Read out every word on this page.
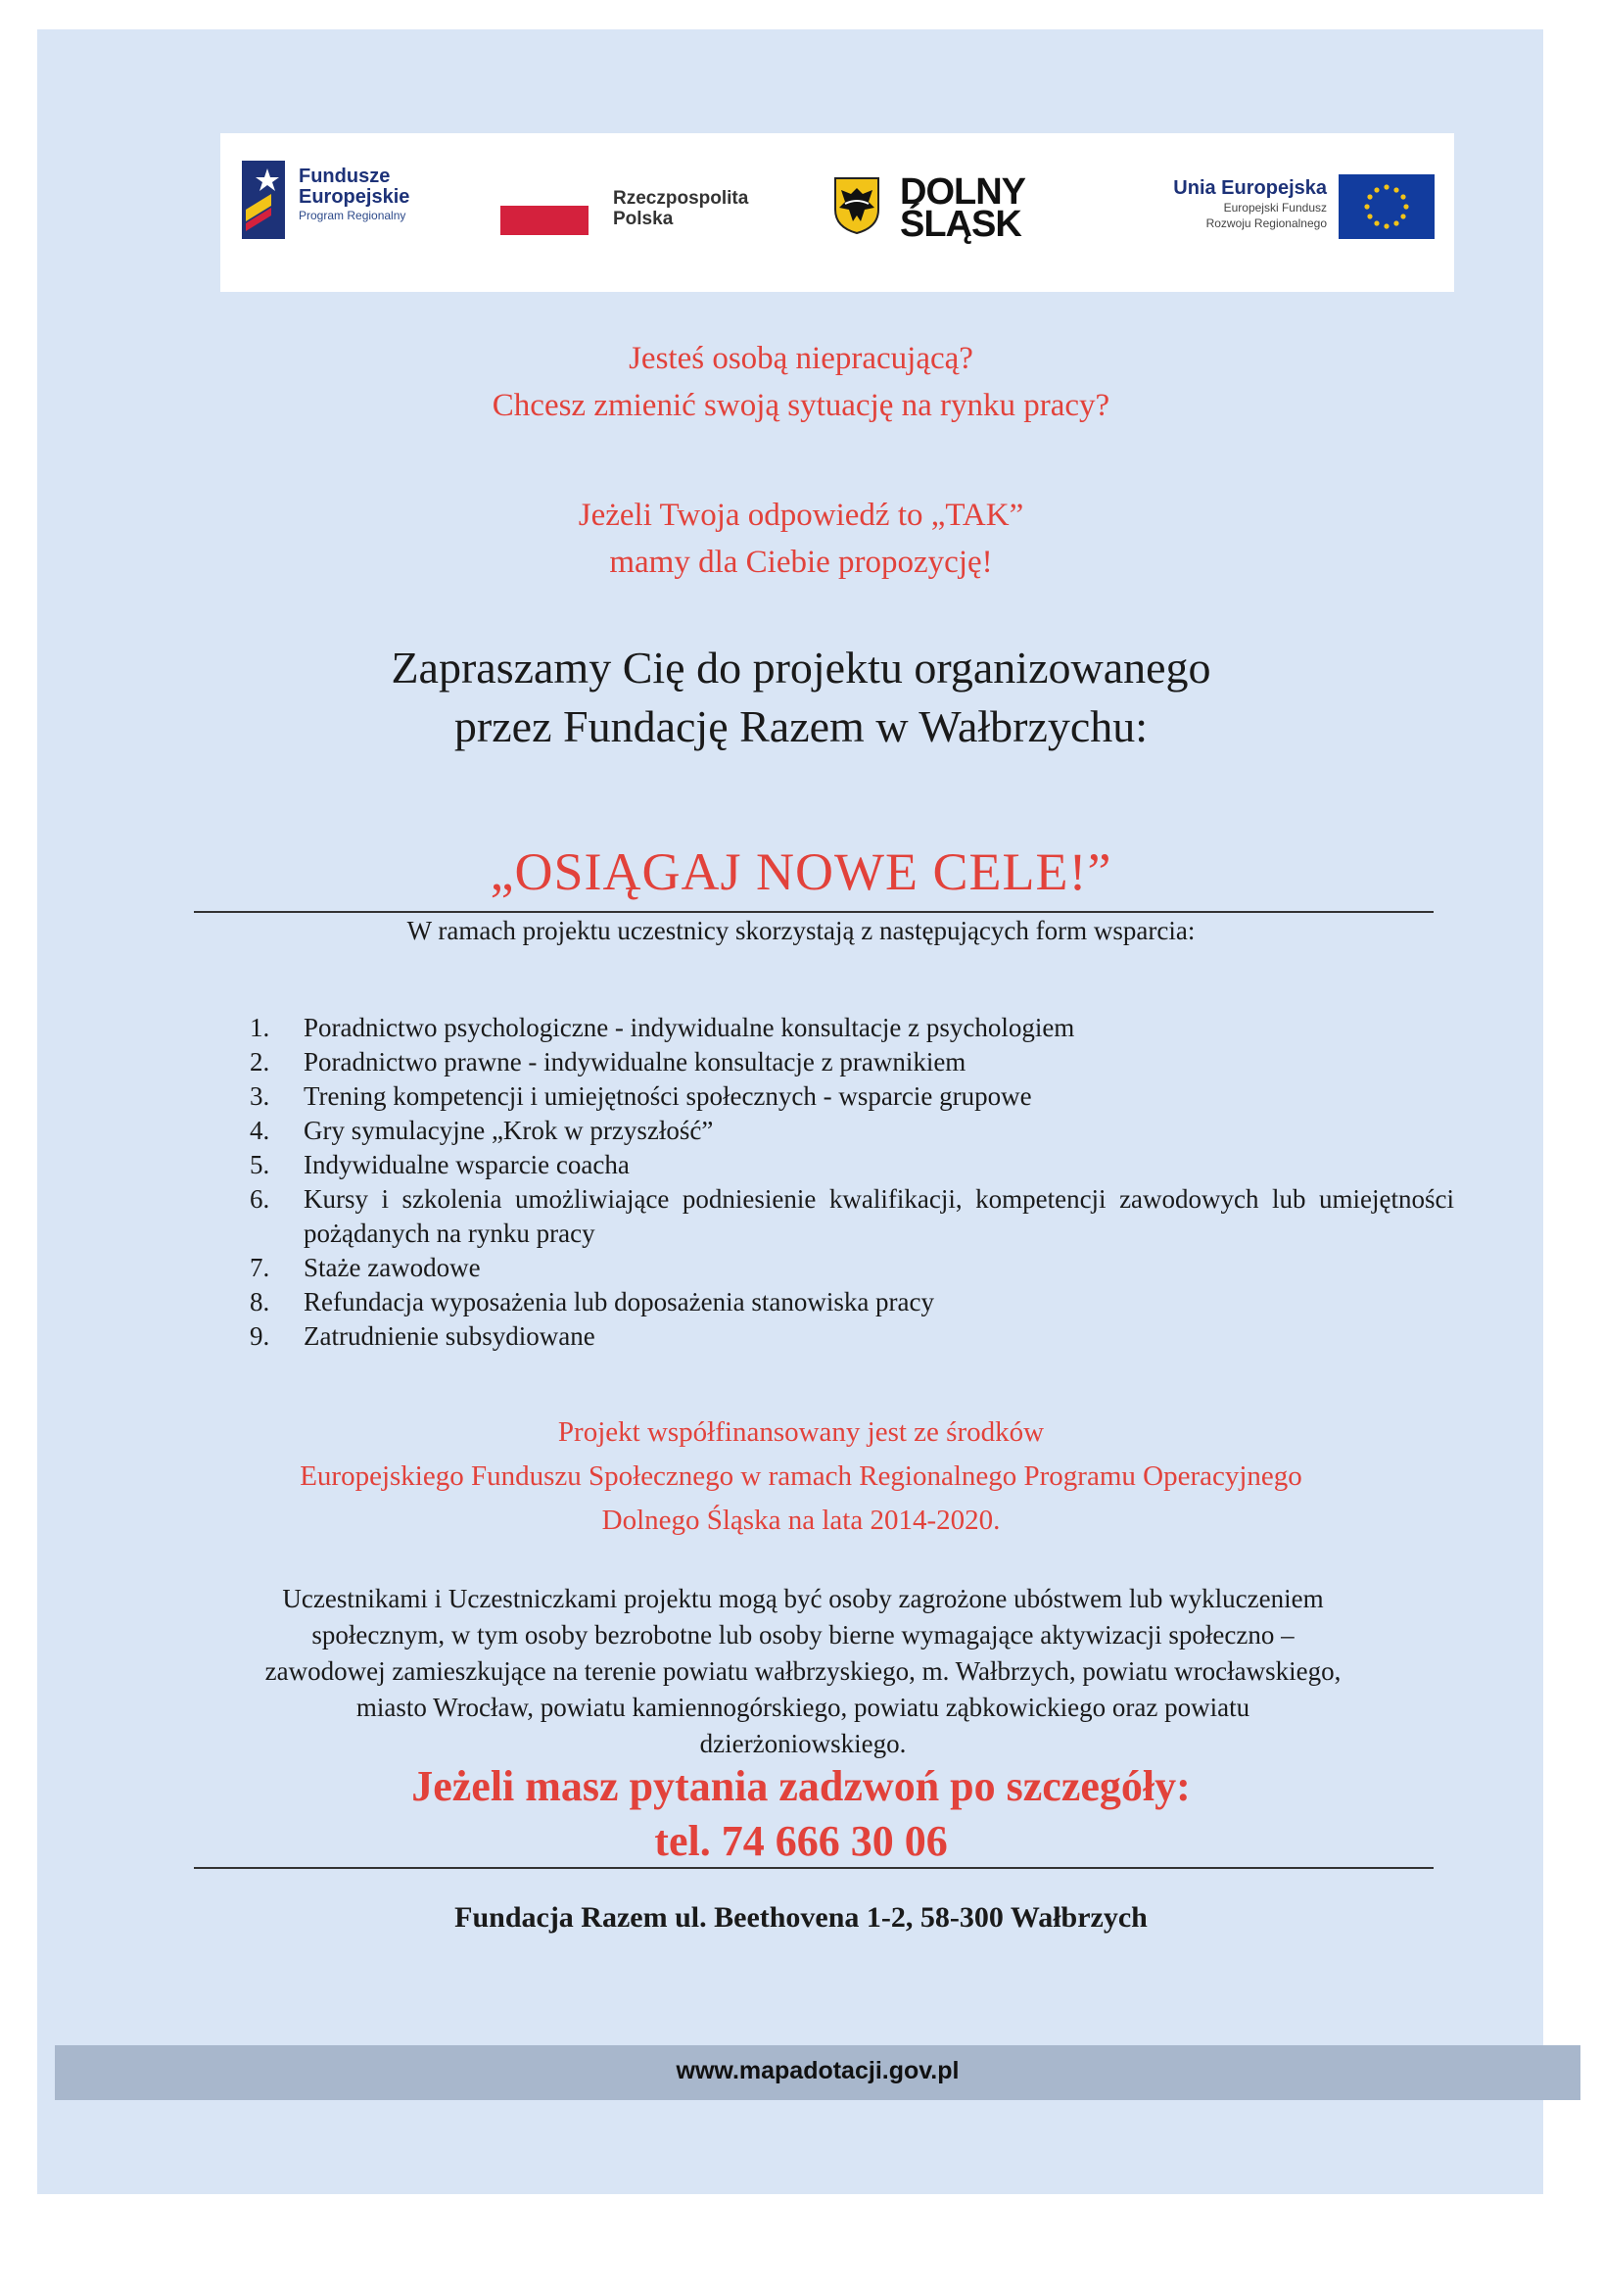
Fundusze
Europejskie
Program Regionalny
Rzeczpospolita
Polska
DOLNY
ŚLĄSK
Unia Europejska
Europejski Fundusz
Rozwoju Regionalnego
Jesteś osobą niepracującą?
Chcesz zmienić swoją sytuację na rynku pracy?
Jeżeli Twoja odpowiedź to „TAK”
mamy dla Ciebie propozycję!
Zapraszamy Cię do projektu organizowanego
przez Fundację Razem w Wałbrzychu:
„OSIĄGAJ NOWE CELE!”
W ramach projektu uczestnicy skorzystają z następujących form wsparcia:
1.	Poradnictwo psychologiczne - indywidualne konsultacje z psychologiem
2.	Poradnictwo prawne - indywidualne konsultacje z prawnikiem
3.	Trening kompetencji i umiejętności społecznych - wsparcie grupowe
4.	Gry symulacyjne „Krok w przyszłość”
5.	Indywidualne wsparcie coacha
6.	Kursy i szkolenia umożliwiające podniesienie kwalifikacji, kompetencji zawodowych lub umiejętności pożądanych na rynku pracy
7.	Staże zawodowe
8.	Refundacja wyposażenia lub doposażenia stanowiska pracy
9.	Zatrudnienie subsydiowane
Projekt współfinansowany jest ze środków
Europejskiego Funduszu Społecznego w ramach Regionalnego Programu Operacyjnego
Dolnego Śląska na lata 2014-2020.
Uczestnikami i Uczestniczkami projektu mogą być osoby zagrożone ubóstwem lub wykluczeniem
społecznym, w tym osoby bezrobotne lub osoby bierne wymagające aktywizacji społeczno –
zawodowej zamieszkujące na terenie powiatu wałbrzyskiego, m. Wałbrzych, powiatu wrocławskiego,
miasto Wrocław, powiatu kamiennogórskiego, powiatu ząbkowickiego oraz powiatu
dzierżoniowskiego.
Jeżeli masz pytania zadzwoń po szczegóły:
tel. 74 666 30 06
Fundacja Razem ul. Beethovena 1-2, 58-300 Wałbrzych
www.mapadotacji.gov.pl
